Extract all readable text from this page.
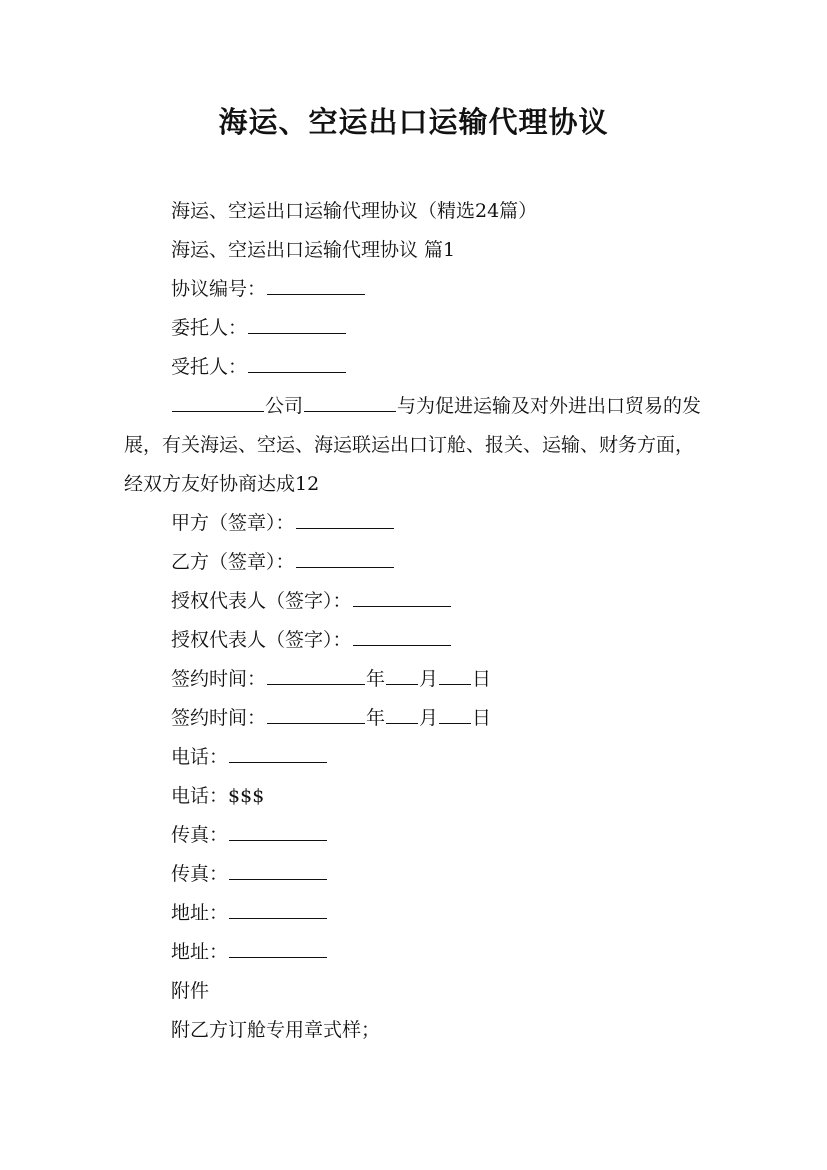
海运、空运出口运输代理协议
海运、空运出口运输代理协议（精选24篇）
海运、空运出口运输代理协议 篇1
协议编号：
委托人：
受托人：
公司	与为促进运输及对外进出口贸易的发展，有关海运、空运、海运联运出口订舱、报关、运输、财务方面，经双方友好协商达成12
甲方（签章）：
乙方（签章）：
授权代表人（签字）：
授权代表人（签字）：
签约时间：	年 月 日
签约时间：	年 月 日
电话：
电话：$$$
传真：
传真：
地址：
地址：
附件
附乙方订舱专用章式样；
